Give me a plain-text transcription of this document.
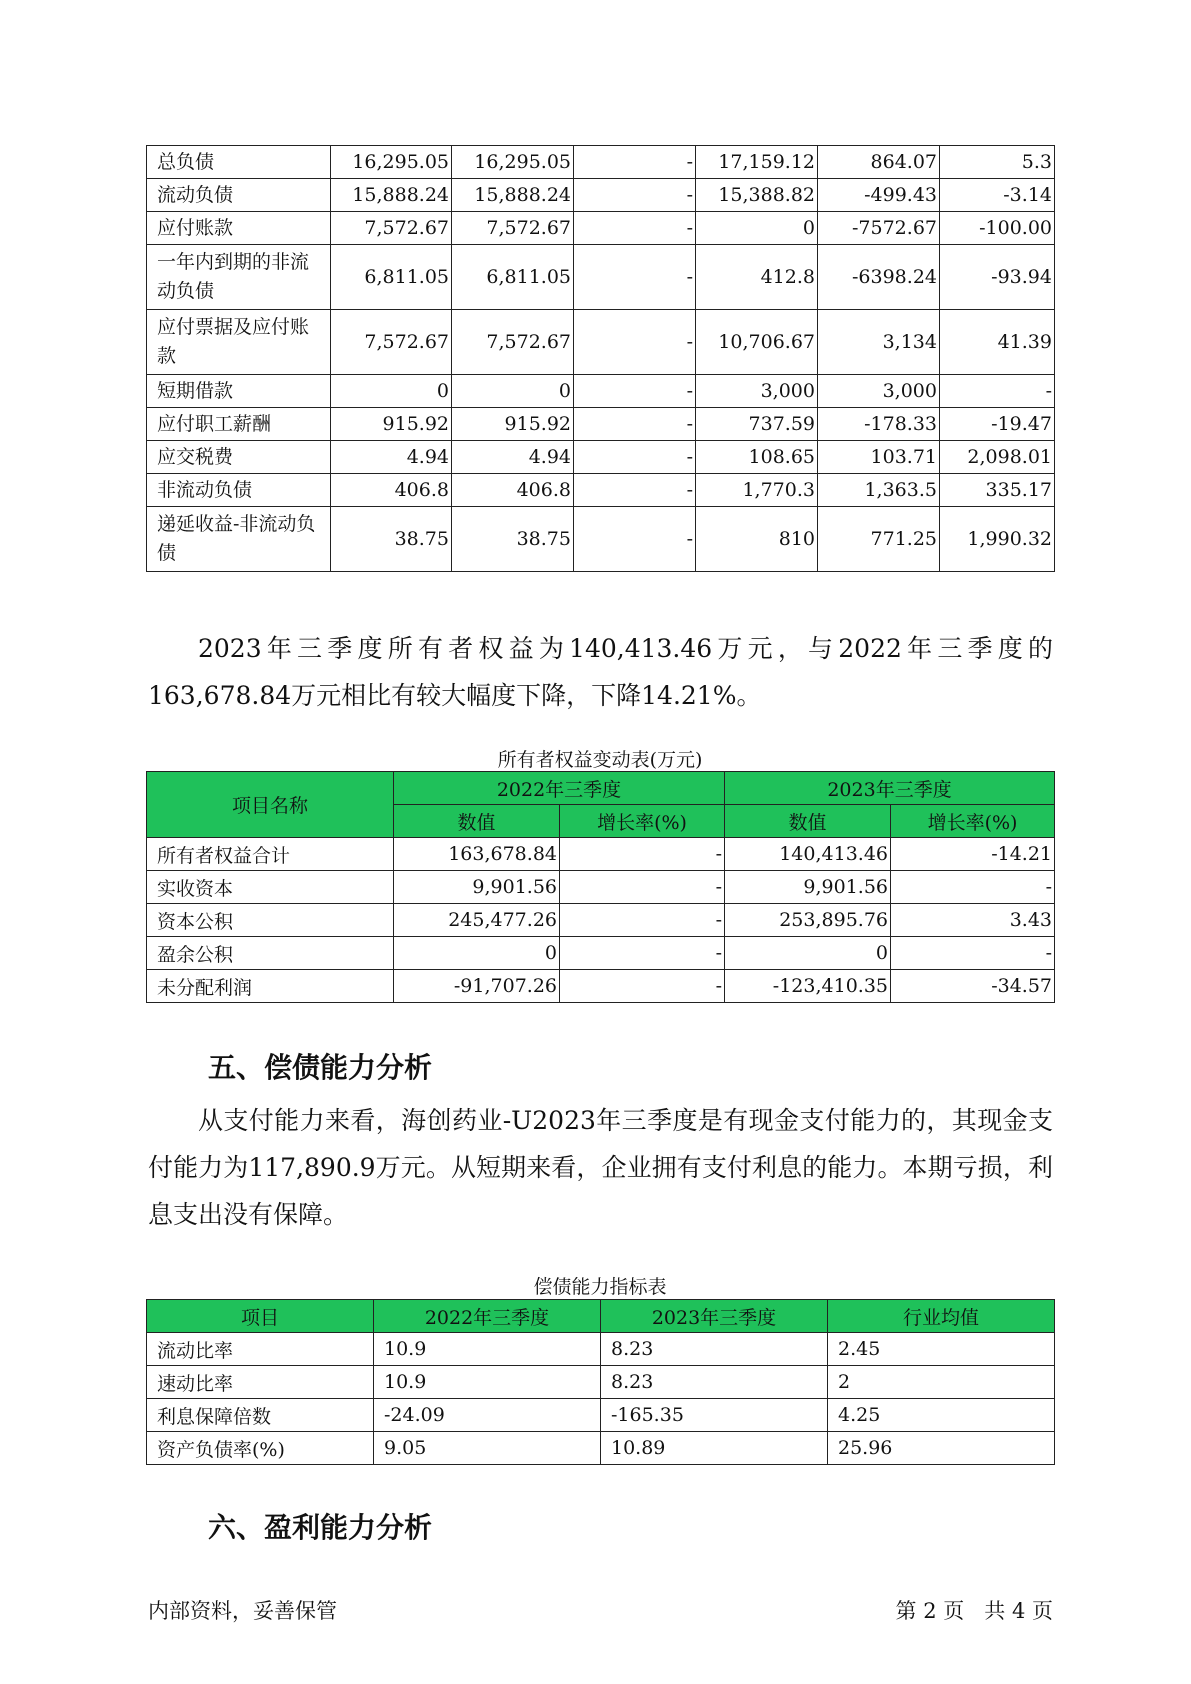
总负债	16,295.05	16,295.05	-	17,159.12	864.07	5.3
流动负债	15,888.24	15,888.24	-	15,388.82	-499.43	-3.14
应付账款	7,572.67	7,572.67	-	0	-7572.67	-100.00
一年内到期的非流动负债	6,811.05	6,811.05	-	412.8	-6398.24	-93.94
应付票据及应付账款	7,572.67	7,572.67	-	10,706.67	3,134	41.39
短期借款	0	0	-	3,000	3,000	-
应付职工薪酬	915.92	915.92	-	737.59	-178.33	-19.47
应交税费	4.94	4.94	-	108.65	103.71	2,098.01
非流动负债	406.8	406.8	-	1,770.3	1,363.5	335.17
递延收益-非流动负债	38.75	38.75	-	810	771.25	1,990.32
2023年三季度所有者权益为140,413.46万元，与2022年三季度的163,678.84万元相比有较大幅度下降，下降14.21%。
所有者权益变动表(万元)
项目名称	2022年三季度		2023年三季度	
	数值	增长率(%)	数值	增长率(%)
所有者权益合计	163,678.84	-	140,413.46	-14.21
实收资本	9,901.56	-	9,901.56	-
资本公积	245,477.26	-	253,895.76	3.43
盈余公积	0	-	0	-
未分配利润	-91,707.26	-	-123,410.35	-34.57
五、偿债能力分析
从支付能力来看，海创药业-U2023年三季度是有现金支付能力的，其现金支付能力为117,890.9万元。从短期来看，企业拥有支付利息的能力。本期亏损，利息支出没有保障。
偿债能力指标表
项目	2022年三季度	2023年三季度	行业均值
流动比率	10.9	8.23	2.45
速动比率	10.9	8.23	2
利息保障倍数	-24.09	-165.35	4.25
资产负债率(%)	9.05	10.89	25.96
六、盈利能力分析
内部资料，妥善保管	第 2 页   共 4 页
